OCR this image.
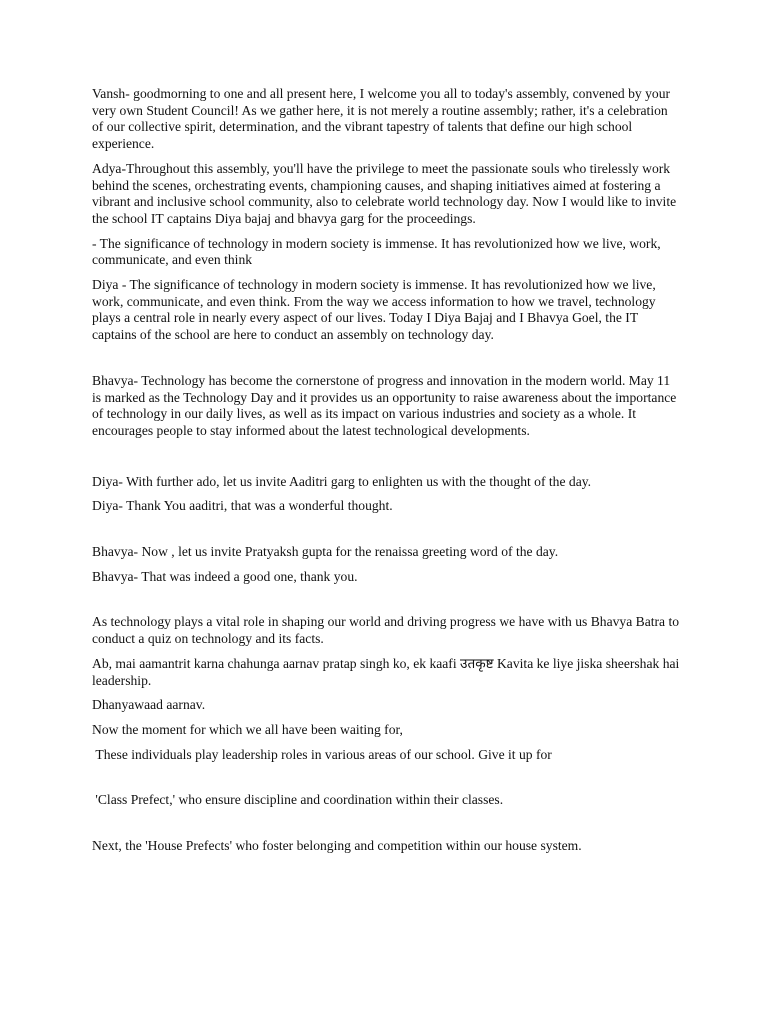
Vansh- goodmorning to one and all present here, I welcome you all to today's assembly, convened by your very own Student Council! As we gather here, it is not merely a routine assembly; rather, it's a celebration of our collective spirit, determination, and the vibrant tapestry of talents that define our high school experience.

Adya-Throughout this assembly, you'll have the privilege to meet the passionate souls who tirelessly work behind the scenes, orchestrating events, championing causes, and shaping initiatives aimed at fostering a vibrant and inclusive school community, also to celebrate world technology day. Now I would like to invite the school IT captains Diya bajaj and bhavya garg for the proceedings.

- The significance of technology in modern society is immense. It has revolutionized how we live, work, communicate, and even think

Diya - The significance of technology in modern society is immense. It has revolutionized how we live, work, communicate, and even think. From the way we access information to how we travel, technology plays a central role in nearly every aspect of our lives. Today I Diya Bajaj and I Bhavya Goel, the IT captains of the school are here to conduct an assembly on technology day.

Bhavya- Technology has become the cornerstone of progress and innovation in the modern world. May 11 is marked as the Technology Day and it provides us an opportunity to raise awareness about the importance of technology in our daily lives, as well as its impact on various industries and society as a whole. It encourages people to stay informed about the latest technological developments.

Diya- With further ado, let us invite Aaditri garg to enlighten us with the thought of the day.

Diya- Thank You aaditri, that was a wonderful thought.

Bhavya- Now , let us invite Pratyaksh gupta for the renaissa greeting word of the day.

Bhavya- That was indeed a good one, thank you.

As technology plays a vital role in shaping our world and driving progress we have with us Bhavya Batra to conduct a quiz on technology and its facts.

Ab, mai aamantrit karna chahunga aarnav pratap singh ko, ek kaafi उतकृष्ट Kavita ke liye jiska sheershak hai leadership.

Dhanyawaad aarnav.

Now the moment for which we all have been waiting for,

These individuals play leadership roles in various areas of our school. Give it up for

'Class Prefect,' who ensure discipline and coordination within their classes.

Next, the 'House Prefects' who foster belonging and competition within our house system.
